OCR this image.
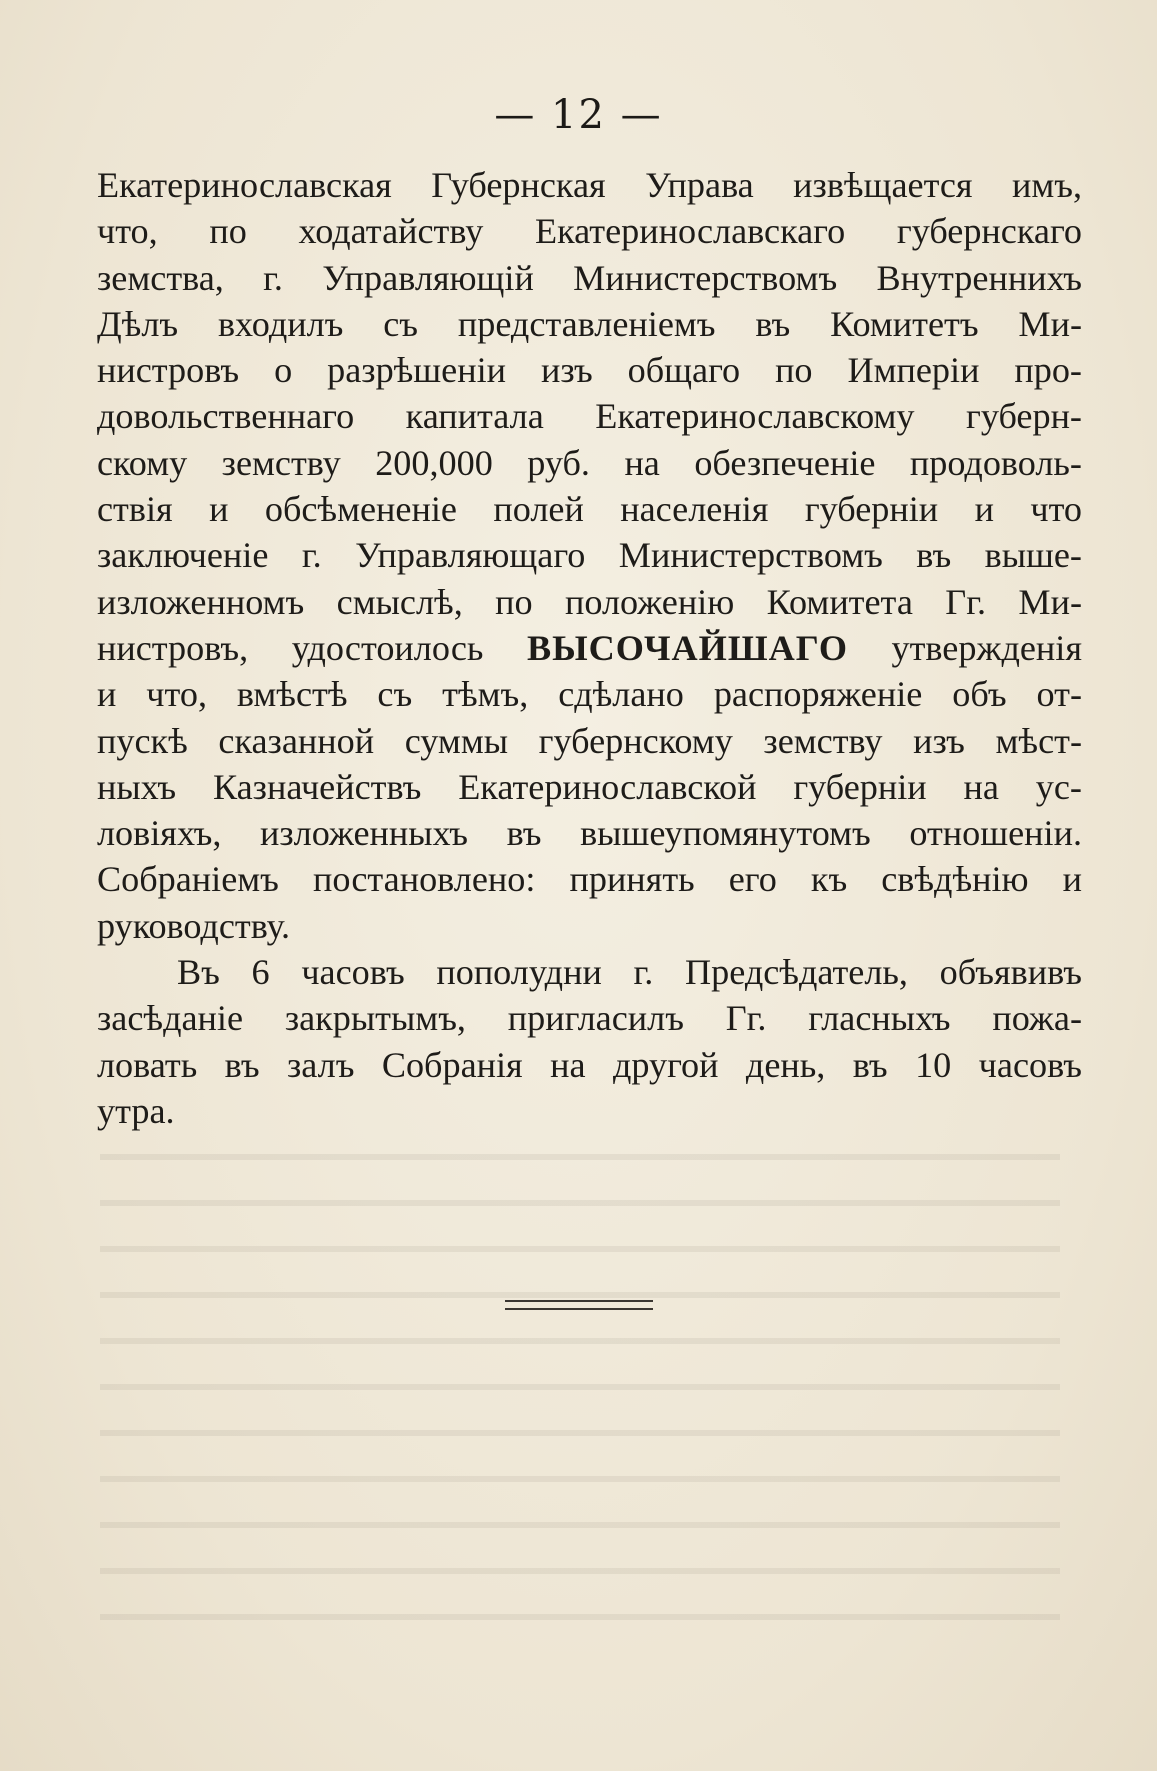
— 12 —
Екатеринославская Губернская Управа извѣщается имъ,
что, по ходатайству Екатеринославскаго губернскаго
земства, г. Управляющій Министерствомъ Внутреннихъ
Дѣлъ входилъ съ представленіемъ въ Комитетъ Ми-
нистровъ о разрѣшеніи изъ общаго по Имперіи про-
довольственнаго капитала Екатеринославскому губерн-
скому земству 200,000 руб. на обезпеченіе продоволь-
ствія и обсѣмененіе полей населенія губерніи и что
заключеніе г. Управляющаго Министерствомъ въ выше-
изложенномъ смыслѣ, по положенію Комитета Гг. Ми-
нистровъ, удостоилось ВЫСОЧАЙШАГО утвержденія
и что, вмѣстѣ съ тѣмъ, сдѣлано распоряженіе объ от-
пускѣ сказанной суммы губернскому земству изъ мѣст-
ныхъ Казначействъ Екатеринославской губерніи на ус-
ловіяхъ, изложенныхъ въ вышеупомянутомъ отношеніи.
Собраніемъ постановлено: принять его къ свѣдѣнію и
руководству.
Въ 6 часовъ пополудни г. Предсѣдатель, объявивъ
засѣданіе закрытымъ, пригласилъ Гг. гласныхъ пожа-
ловать въ залъ Собранія на другой день, въ 10 часовъ
утра.
